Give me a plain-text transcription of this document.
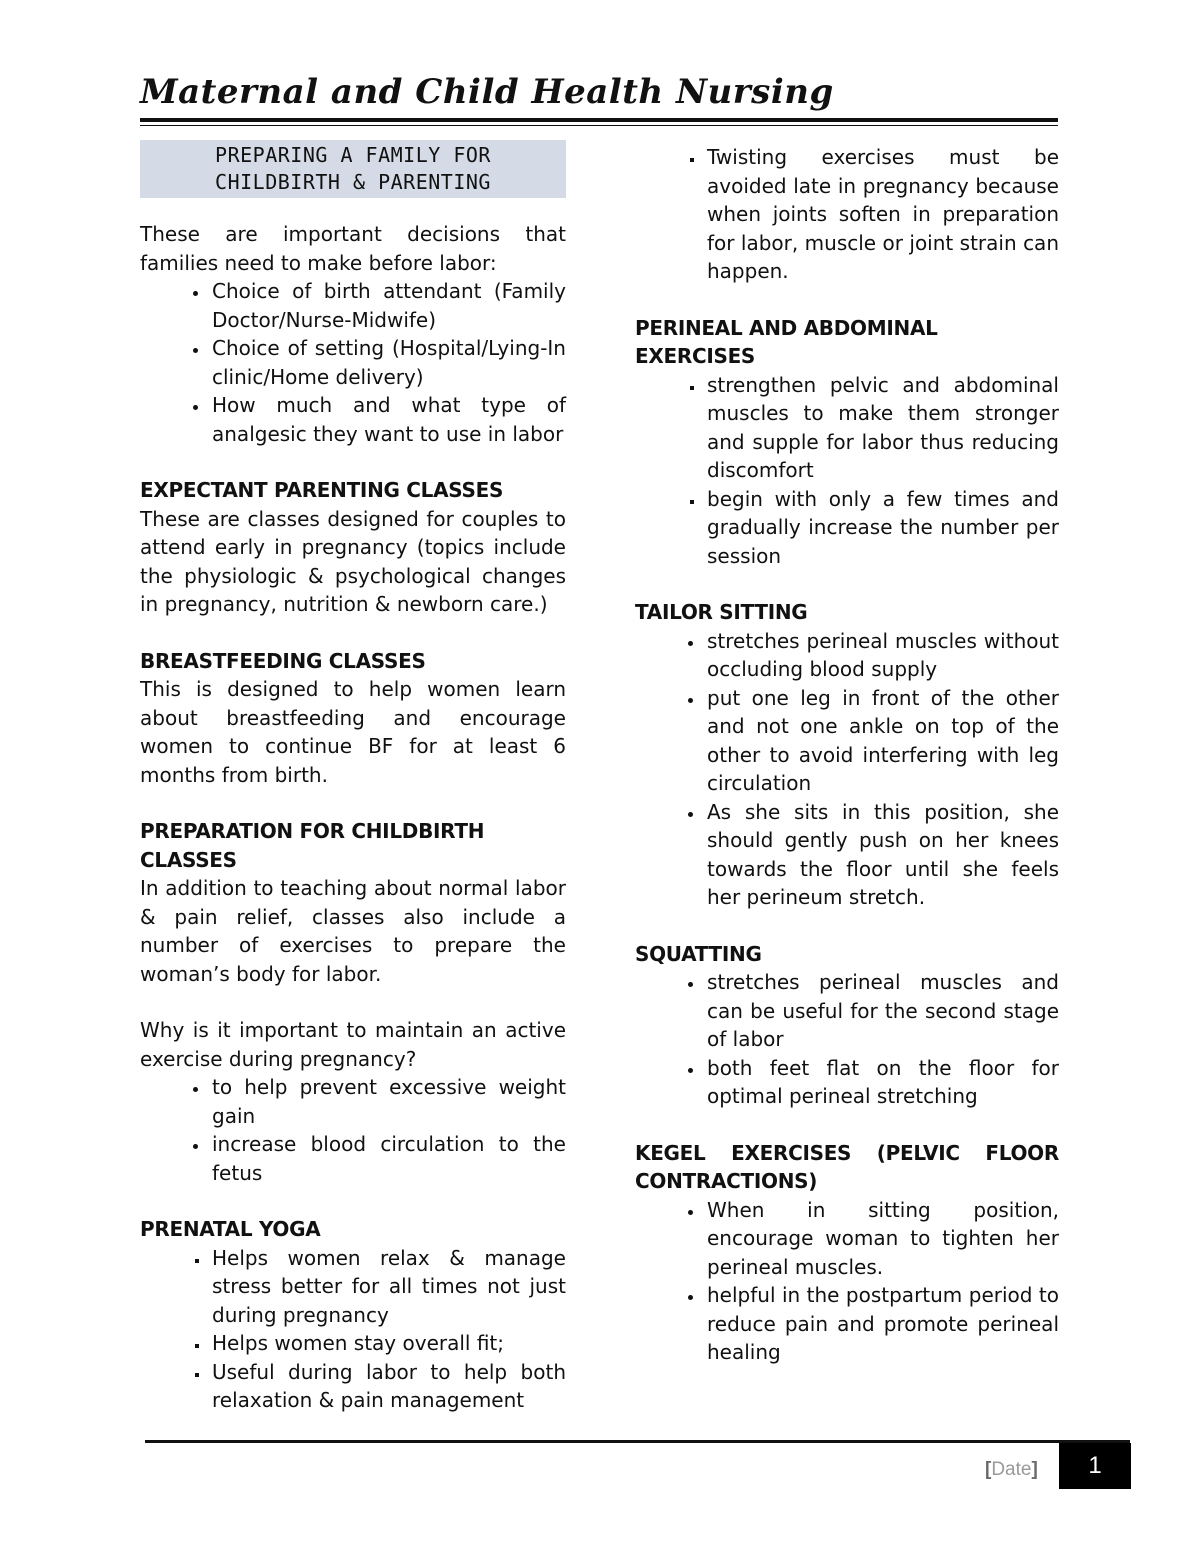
Maternal and Child Health Nursing
PREPARING A FAMILY FOR CHILDBIRTH & PARENTING

These are important decisions that families need to make before labor:

• Choice of birth attendant (Family Doctor/Nurse-Midwife)
• Choice of setting (Hospital/Lying-In clinic/Home delivery)
• How much and what type of analgesic they want to use in labor
EXPECTANT PARENTING CLASSES

These are classes designed for couples to attend early in pregnancy (topics include the physiologic & psychological changes in pregnancy, nutrition & newborn care.)

BREASTFEEDING CLASSES

This is designed to help women learn about breastfeeding and encourage women to continue BF for at least 6 months from birth.

PREPARATION FOR CHILDBIRTH CLASSES

In addition to teaching about normal labor & pain relief, classes also include a number of exercises to prepare the woman’s body for labor.

Why is it important to maintain an active exercise during pregnancy?

• to help prevent excessive weight gain
• increase blood circulation to the fetus
PRENATAL YOGA
▪ Helps women relax & manage stress better for all times not just during pregnancy
▪ Helps women stay overall fit;
▪ Useful during labor to help both relaxation & pain management
▪ Twisting exercises must be avoided late in pregnancy because when joints soften in preparation for labor, muscle or joint strain can happen.
PERINEAL AND ABDOMINAL EXERCISES
▪ strengthen pelvic and abdominal muscles to make them stronger and supple for labor thus reducing discomfort
▪ begin with only a few times and gradually increase the number per session
TAILOR SITTING
• stretches perineal muscles without occluding blood supply
• put one leg in front of the other and not one ankle on top of the other to avoid interfering with leg circulation
• As she sits in this position, she should gently push on her knees towards the floor until she feels her perineum stretch.
SQUATTING
• stretches perineal muscles and can be useful for the second stage of labor
• both feet flat on the floor for optimal perineal stretching
KEGEL EXERCISES (PELVIC FLOOR CONTRACTIONS)
• When in sitting position, encourage woman to tighten her perineal muscles.
• helpful in the postpartum period to reduce pain and promote perineal healing
[Date]	1
